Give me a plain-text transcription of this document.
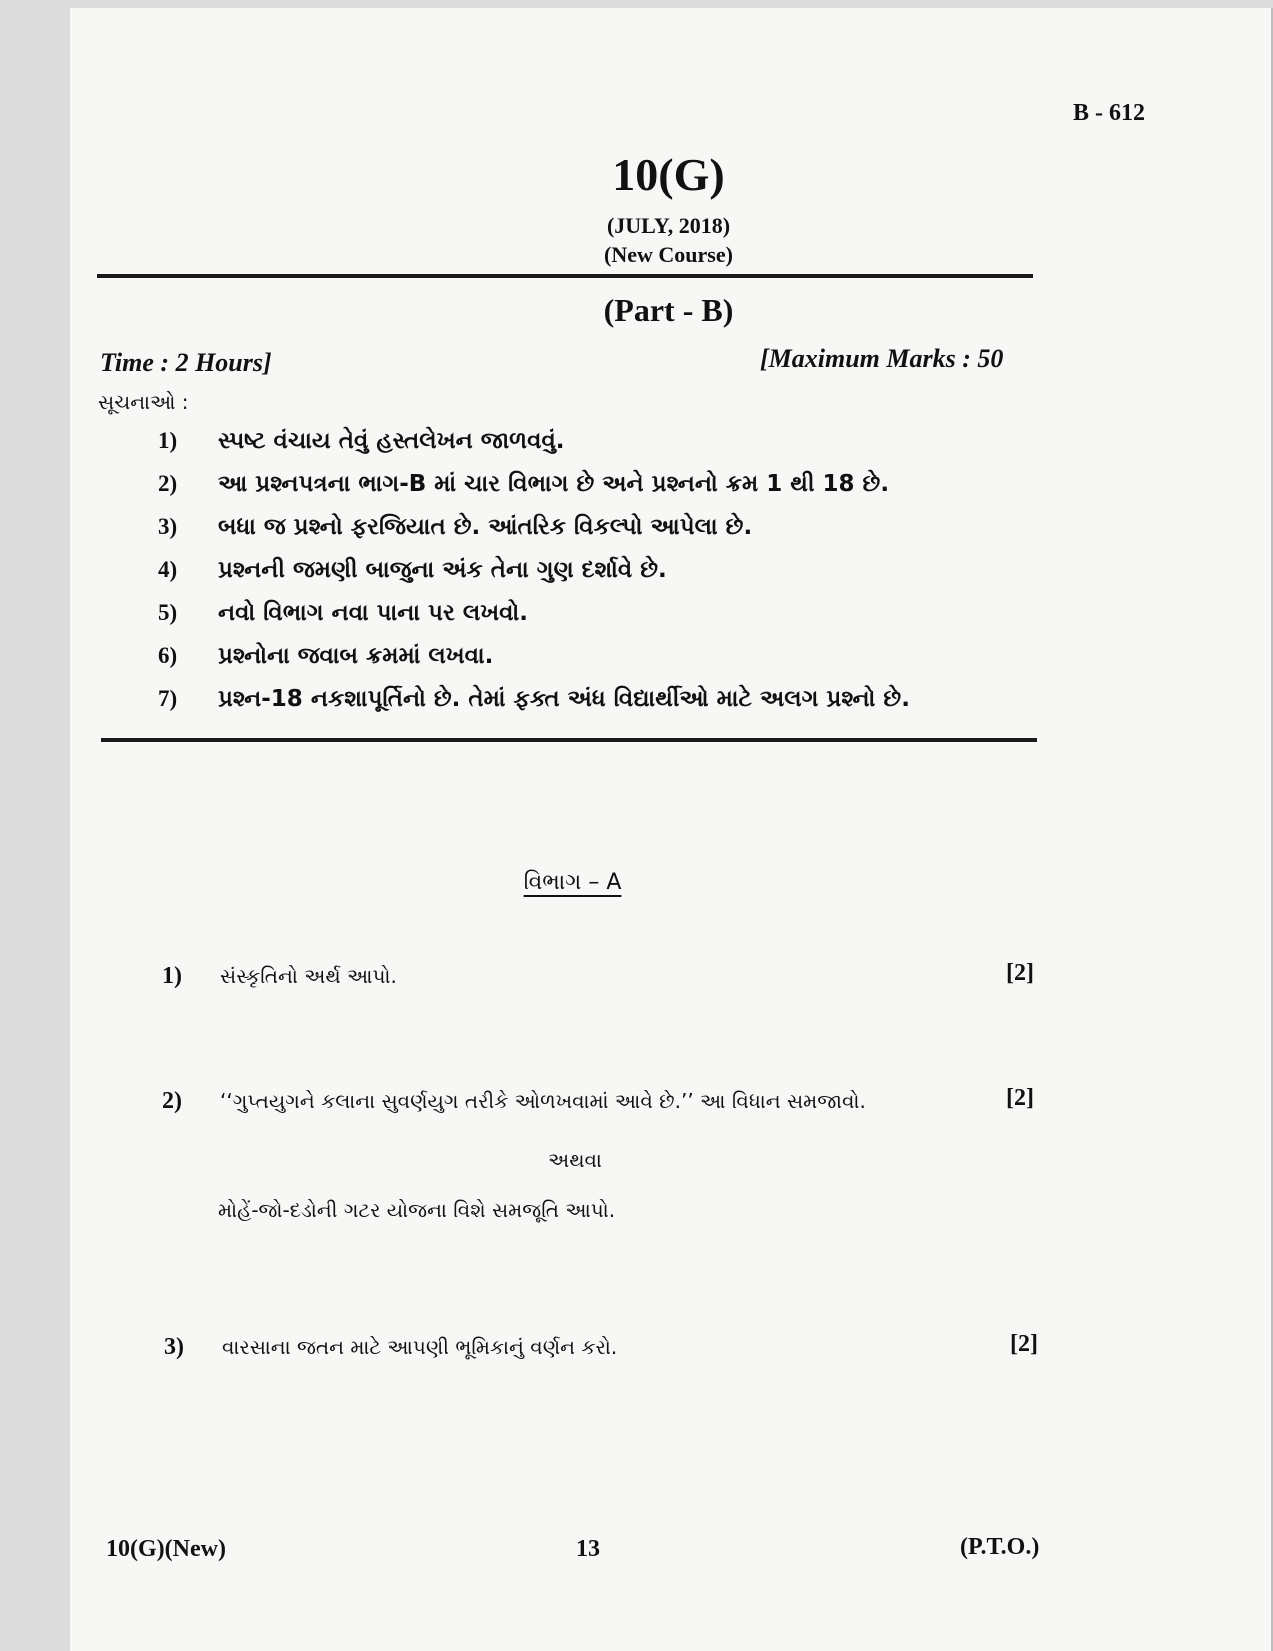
B - 612
10(G)
(JULY, 2018)
(New Course)
(Part - B)
Time : 2 Hours]	[Maximum Marks : 50
સૂચનાઓ :
1) સ્પષ્ટ વંચાય તેવું હસ્તલેખન જાળવવું.
2) આ પ્રશ્નપત્રના ભાગ-B માં ચાર વિભાગ છે અને પ્રશ્નનો ક્રમ 1 થી 18 છે.
3) બધા જ પ્રશ્નો ફરજિયાત છે. આંતરિક વિકલ્પો આપેલા છે.
4) પ્રશ્નની જમણી બાજુના અંક તેના ગુણ દર્શાવે છે.
5) નવો વિભાગ નવા પાના પર લખવો.
6) પ્રશ્નોના જવાબ ક્રમમાં લખવા.
7) પ્રશ્ન-18 નકશાપૂર્તિનો છે. તેમાં ફક્ત અંધ વિદ્યાર્થીઓ માટે અલગ પ્રશ્નો છે.
વિભાગ – A
1) સંસ્કૃતિનો અર્થ આપો.	[2]
2) ‘‘ગુપ્તયુગને કલાના સુવર્ણયુગ તરીકે ઓળખવામાં આવે છે.’’ આ વિધાન સમજાવો.	[2]
અથવા
મોહેં-જો-દડોની ગટર યોજના વિશે સમજૂતિ આપો.
3) વારસાના જતન માટે આપણી ભૂમિકાનું વર્ણન કરો.	[2]
10(G)(New)	13	(P.T.O.)
